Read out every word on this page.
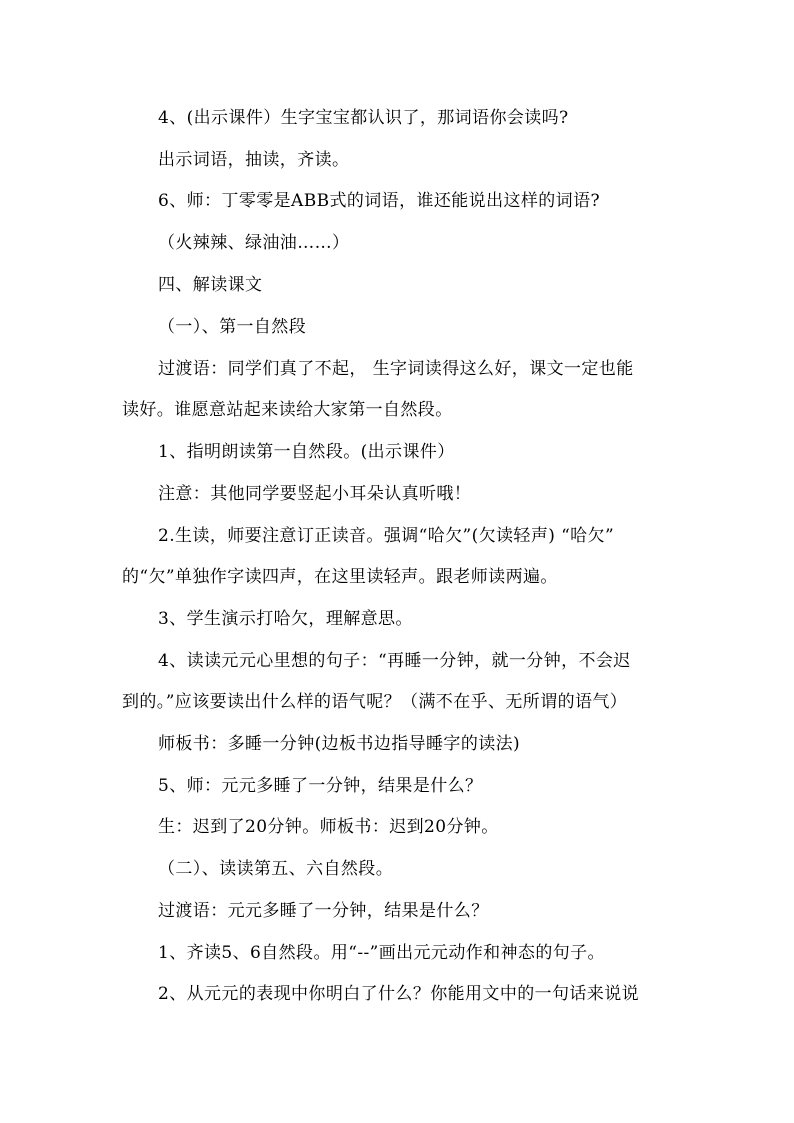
4、(出示课件）生字宝宝都认识了，那词语你会读吗?
出示词语，抽读，齐读。
6、师：丁零零是ABB式的词语，谁还能说出这样的词语?
（火辣辣、绿油油……）
四、解读课文
（一）、第一自然段
过渡语：同学们真了不起， 生字词读得这么好，课文一定也能
读好。谁愿意站起来读给大家第一自然段。
1、指明朗读第一自然段。(出示课件）
注意：其他同学要竖起小耳朵认真听哦！
2.生读，师要注意订正读音。强调“哈欠”(欠读轻声) “哈欠”
的“欠”单独作字读四声，在这里读轻声。跟老师读两遍。
3、学生演示打哈欠，理解意思。
4、读读元元心里想的句子：“再睡一分钟，就一分钟，不会迟
到的。”应该要读出什么样的语气呢？（满不在乎、无所谓的语气）
师板书：多睡一分钟(边板书边指导睡字的读法)
5、师：元元多睡了一分钟，结果是什么？
生：迟到了20分钟。师板书：迟到20分钟。
（二）、读读第五、六自然段。
过渡语：元元多睡了一分钟，结果是什么？
1、齐读5、6自然段。用“--”画出元元动作和神态的句子。
2、从元元的表现中你明白了什么？你能用文中的一句话来说说
